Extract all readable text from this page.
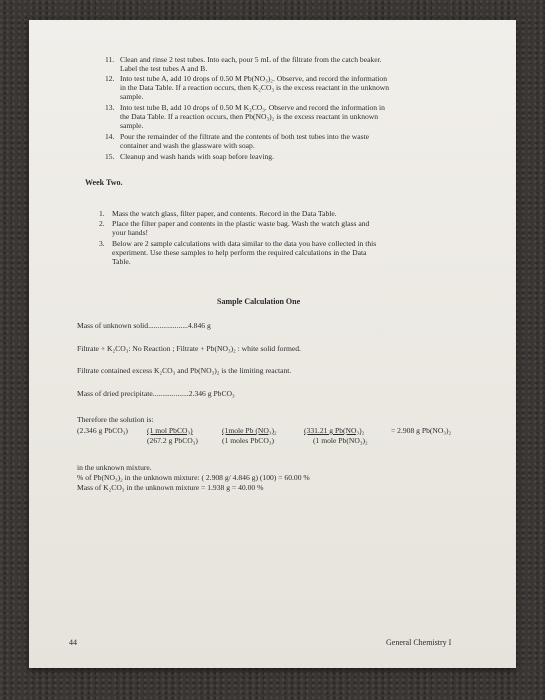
11. Clean and rinse 2 test tubes. Into each, pour 5 mL of the filtrate from the catch beaker.
Label the test tubes A and B.
12. Into test tube A, add 10 drops of 0.50 M Pb(NO₃)₂. Observe, and record the information
in the Data Table. If a reaction occurs, then K₂CO₃ is the excess reactant in the unknown
sample.
13. Into test tube B, add 10 drops of 0.50 M K₂CO₃. Observe and record the information in
the Data Table. If a reaction occurs, then Pb(NO₃)₂ is the excess reactant in unknown
sample.
14. Pour the remainder of the filtrate and the contents of both test tubes into the waste
container and wash the glassware with soap.
15. Cleanup and wash hands with soap before leaving.
Week Two.
1. Mass the watch glass, filter paper, and contents. Record in the Data Table.
2. Place the filter paper and contents in the plastic waste bag. Wash the watch glass and
your hands!
3. Below are 2 sample calculations with data similar to the data you have collected in this
experiment. Use these samples to help perform the required calculations in the Data
Table.
Sample Calculation One
Mass of unknown solid.....................4.846 g
Filtrate + K₂CO₃: No Reaction ; Filtrate + Pb(NO₃)₂ : white solid formed.
Filtrate contained excess K₂CO₃ and Pb(NO₃)₂ is the limiting reactant.
Mass of dried precipitate...................2.346 g PbCO₃
Therefore the solution is:
(2.346 g PbCO₃)	(1 mol PbCO₃)
(267.2 g PbCO₃)
(1mole Pb (NO₃)₂
(1 moles PbCO₃)
(331.21 g Pb(NO₃)₂
(1 mole Pb(NO₃)₂
= 2.908 g Pb(NO₃)₂
in the unknown mixture.
% of Pb(NO₃)₂ in the unknown mixture: ( 2.908 g/ 4.846 g) (100) = 60.00 %
Mass of K₂CO₃ in the unknown mixture = 1.938 g = 40.00 %
44	General Chemistry I
